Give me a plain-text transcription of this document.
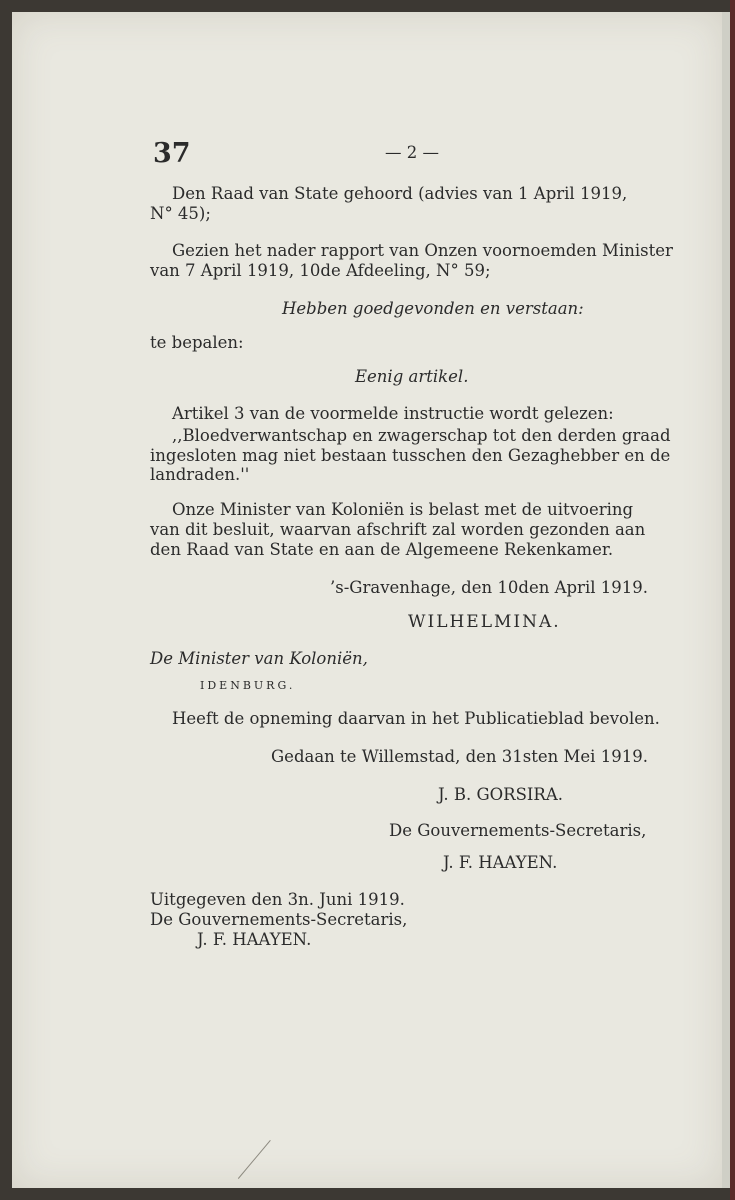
37	— 2 —

Den Raad van State gehoord (advies van 1 April 1919,

N° 45);

Gezien het nader rapport van Onzen voornoemden Minister

van 7 April 1919, 10de Afdeeling, N° 59;

Hebben goedgevonden en verstaan:

te bepalen:

Eenig artikel.

Artikel 3 van de voormelde instructie wordt gelezen:

,,Bloedverwantschap en zwagerschap tot den derden graad

ingesloten mag niet bestaan tusschen den Gezaghebber en de

landraden.''

Onze Minister van Koloniën is belast met de uitvoering

van dit besluit, waarvan afschrift zal worden gezonden aan

den Raad van State en aan de Algemeene Rekenkamer.

’s-Gravenhage, den 10den April 1919.

WILHELMINA.

De Minister van Koloniën,

IDENBURG.

Heeft de opneming daarvan in het Publicatieblad bevolen.

Gedaan te Willemstad, den 31sten Mei 1919.

J. B. GORSIRA.

De Gouvernements-Secretaris,

J. F. HAAYEN.

Uitgegeven den 3n. Juni 1919.

De Gouvernements-Secretaris,

J. F. HAAYEN.
